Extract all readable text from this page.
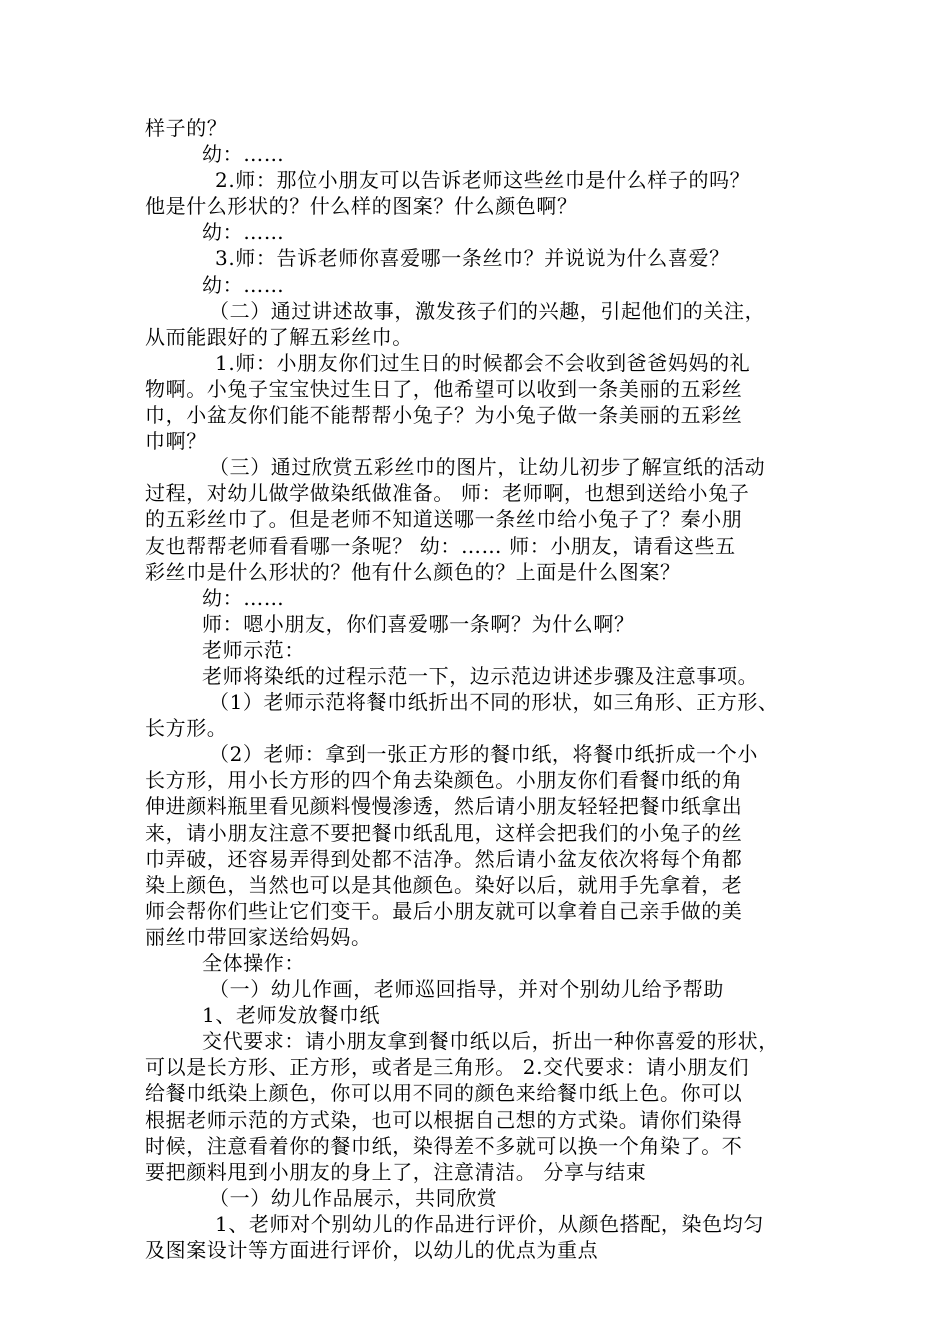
样子的？

幼：……

2.师：那位小朋友可以告诉老师这些丝巾是什么样子的吗？

他是什么形状的？什么样的图案？什么颜色啊？

幼：……

3.师：告诉老师你喜爱哪一条丝巾？并说说为什么喜爱？

幼：……

（二）通过讲述故事，激发孩子们的兴趣，引起他们的关注，

从而能跟好的了解五彩丝巾。

1.师：小朋友你们过生日的时候都会不会收到爸爸妈妈的礼

物啊。小兔子宝宝快过生日了，他希望可以收到一条美丽的五彩丝

巾，小盆友你们能不能帮帮小兔子？为小兔子做一条美丽的五彩丝

巾啊？

（三）通过欣赏五彩丝巾的图片，让幼儿初步了解宣纸的活动

过程，对幼儿做学做染纸做准备。 师：老师啊，也想到送给小兔子

的五彩丝巾了。但是老师不知道送哪一条丝巾给小兔子了？秦小朋

友也帮帮老师看看哪一条呢？ 幼：…… 师：小朋友，请看这些五

彩丝巾是什么形状的？他有什么颜色的？上面是什么图案？

幼：……

师：嗯小朋友，你们喜爱哪一条啊？为什么啊？

老师示范：

老师将染纸的过程示范一下，边示范边讲述步骤及注意事项。

（1）老师示范将餐巾纸折出不同的形状，如三角形、正方形、

长方形。

（2）老师：拿到一张正方形的餐巾纸，将餐巾纸折成一个小

长方形，用小长方形的四个角去染颜色。小朋友你们看餐巾纸的角

伸进颜料瓶里看见颜料慢慢渗透，然后请小朋友轻轻把餐巾纸拿出

来，请小朋友注意不要把餐巾纸乱甩，这样会把我们的小兔子的丝

巾弄破，还容易弄得到处都不洁净。然后请小盆友依次将每个角都

染上颜色，当然也可以是其他颜色。染好以后，就用手先拿着，老

师会帮你们些让它们变干。最后小朋友就可以拿着自己亲手做的美

丽丝巾带回家送给妈妈。

全体操作：

（一）幼儿作画，老师巡回指导，并对个别幼儿给予帮助

1、老师发放餐巾纸

交代要求：请小朋友拿到餐巾纸以后，折出一种你喜爱的形状，

可以是长方形、正方形，或者是三角形。 2.交代要求：请小朋友们

给餐巾纸染上颜色，你可以用不同的颜色来给餐巾纸上色。你可以

根据老师示范的方式染，也可以根据自己想的方式染。请你们染得

时候，注意看着你的餐巾纸，染得差不多就可以换一个角染了。不

要把颜料甩到小朋友的身上了，注意清洁。 分享与结束

（一）幼儿作品展示，共同欣赏

1、老师对个别幼儿的作品进行评价，从颜色搭配，染色均匀

及图案设计等方面进行评价，以幼儿的优点为重点
